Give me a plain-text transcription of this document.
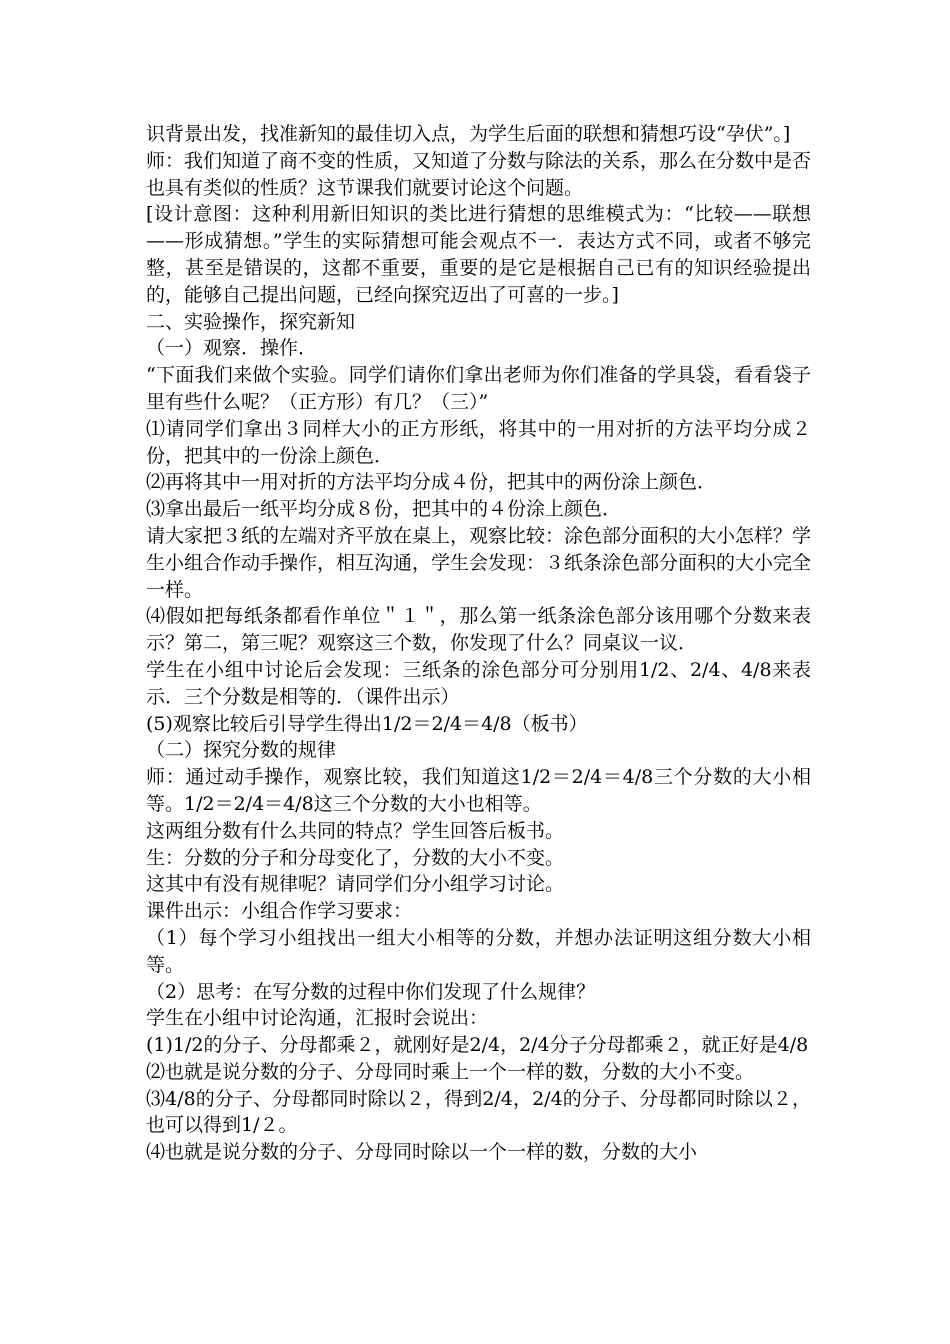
识背景出发，找准新知的最佳切入点，为学生后面的联想和猜想巧设“孕伏”。]

师：我们知道了商不变的性质，又知道了分数与除法的关系，那么在分数中是否也具有类似的性质？这节课我们就要讨论这个问题。

[设计意图：这种利用新旧知识的类比进行猜想的思维模式为：“比较——联想——形成猜想。”学生的实际猜想可能会观点不一．表达方式不同，或者不够完整，甚至是错误的，这都不重要，重要的是它是根据自己已有的知识经验提出的，能够自己提出问题，已经向探究迈出了可喜的一步。]

二、实验操作，探究新知

（一）观察．操作．

“下面我们来做个实验。同学们请你们拿出老师为你们准备的学具袋，看看袋子里有些什么呢？（正方形）有几？（三）”

⑴请同学们拿出３同样大小的正方形纸，将其中的一用对折的方法平均分成２份，把其中的一份涂上颜色．

⑵再将其中一用对折的方法平均分成４份，把其中的两份涂上颜色．

⑶拿出最后一纸平均分成８份，把其中的４份涂上颜色．

请大家把３纸的左端对齐平放在桌上，观察比较：涂色部分面积的大小怎样？学生小组合作动手操作，相互沟通，学生会发现：３纸条涂色部分面积的大小完全一样。

⑷假如把每纸条都看作单位＂１＂，那么第一纸条涂色部分该用哪个分数来表示？第二，第三呢？观察这三个数，你发现了什么？同桌议一议．

学生在小组中讨论后会发现：三纸条的涂色部分可分别用1/2、2/4、4/8来表示．三个分数是相等的．（课件出示）

(5)观察比较后引导学生得出1/2＝2/4＝4/8（板书）

（二）探究分数的规律

师：通过动手操作，观察比较，我们知道这1/2＝2/4＝4/8三个分数的大小相等。1/2＝2/4＝4/8这三个分数的大小也相等。

这两组分数有什么共同的特点？学生回答后板书。

生：分数的分子和分母变化了，分数的大小不变。

这其中有没有规律呢？请同学们分小组学习讨论。

课件出示：小组合作学习要求：

（1）每个学习小组找出一组大小相等的分数，并想办法证明这组分数大小相等。

（2）思考：在写分数的过程中你们发现了什么规律？

学生在小组中讨论沟通，汇报时会说出：

(1)1/2的分子、分母都乘２，就刚好是2/4，2/4分子分母都乘２，就正好是4/8

⑵也就是说分数的分子、分母同时乘上一个一样的数，分数的大小不变。

⑶4/8的分子、分母都同时除以２，得到2/4，2/4的分子、分母都同时除以２，也可以得到1/２。

⑷也就是说分数的分子、分母同时除以一个一样的数，分数的大小
